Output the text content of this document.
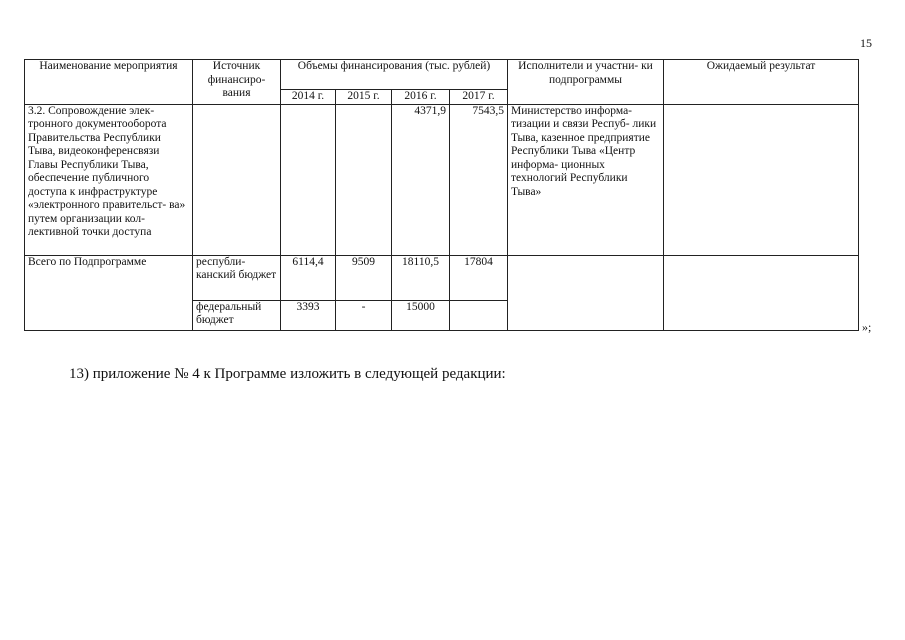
15
Наименование мероприятия	Источник финансиро- вания	Объемы финансирования (тыс. рублей)				Исполнители и участни- ки подпрограммы	Ожидаемый результат
		2014 г.	2015 г.	2016 г.	2017 г.		
3.2. Сопровождение элек- тронного документооборота Правительства Республики Тыва, видеоконференсвязи Главы Республики Тыва, обеспечение публичного доступа к инфраструктуре «электронного правительст- ва» путем организации кол- лективной точки доступа				4371,9	7543,5	Министерство информа- тизации и связи Респуб- лики Тыва, казенное предприятие Республики Тыва «Центр информа- ционных технологий Республики Тыва»	
Всего по Подпрограмме	республи- канский бюджет	6114,4	9509	18110,5	17804		
	федеральный бюджет	3393	-	15000			
»;
13) приложение № 4 к Программе изложить в следующей редакции:
